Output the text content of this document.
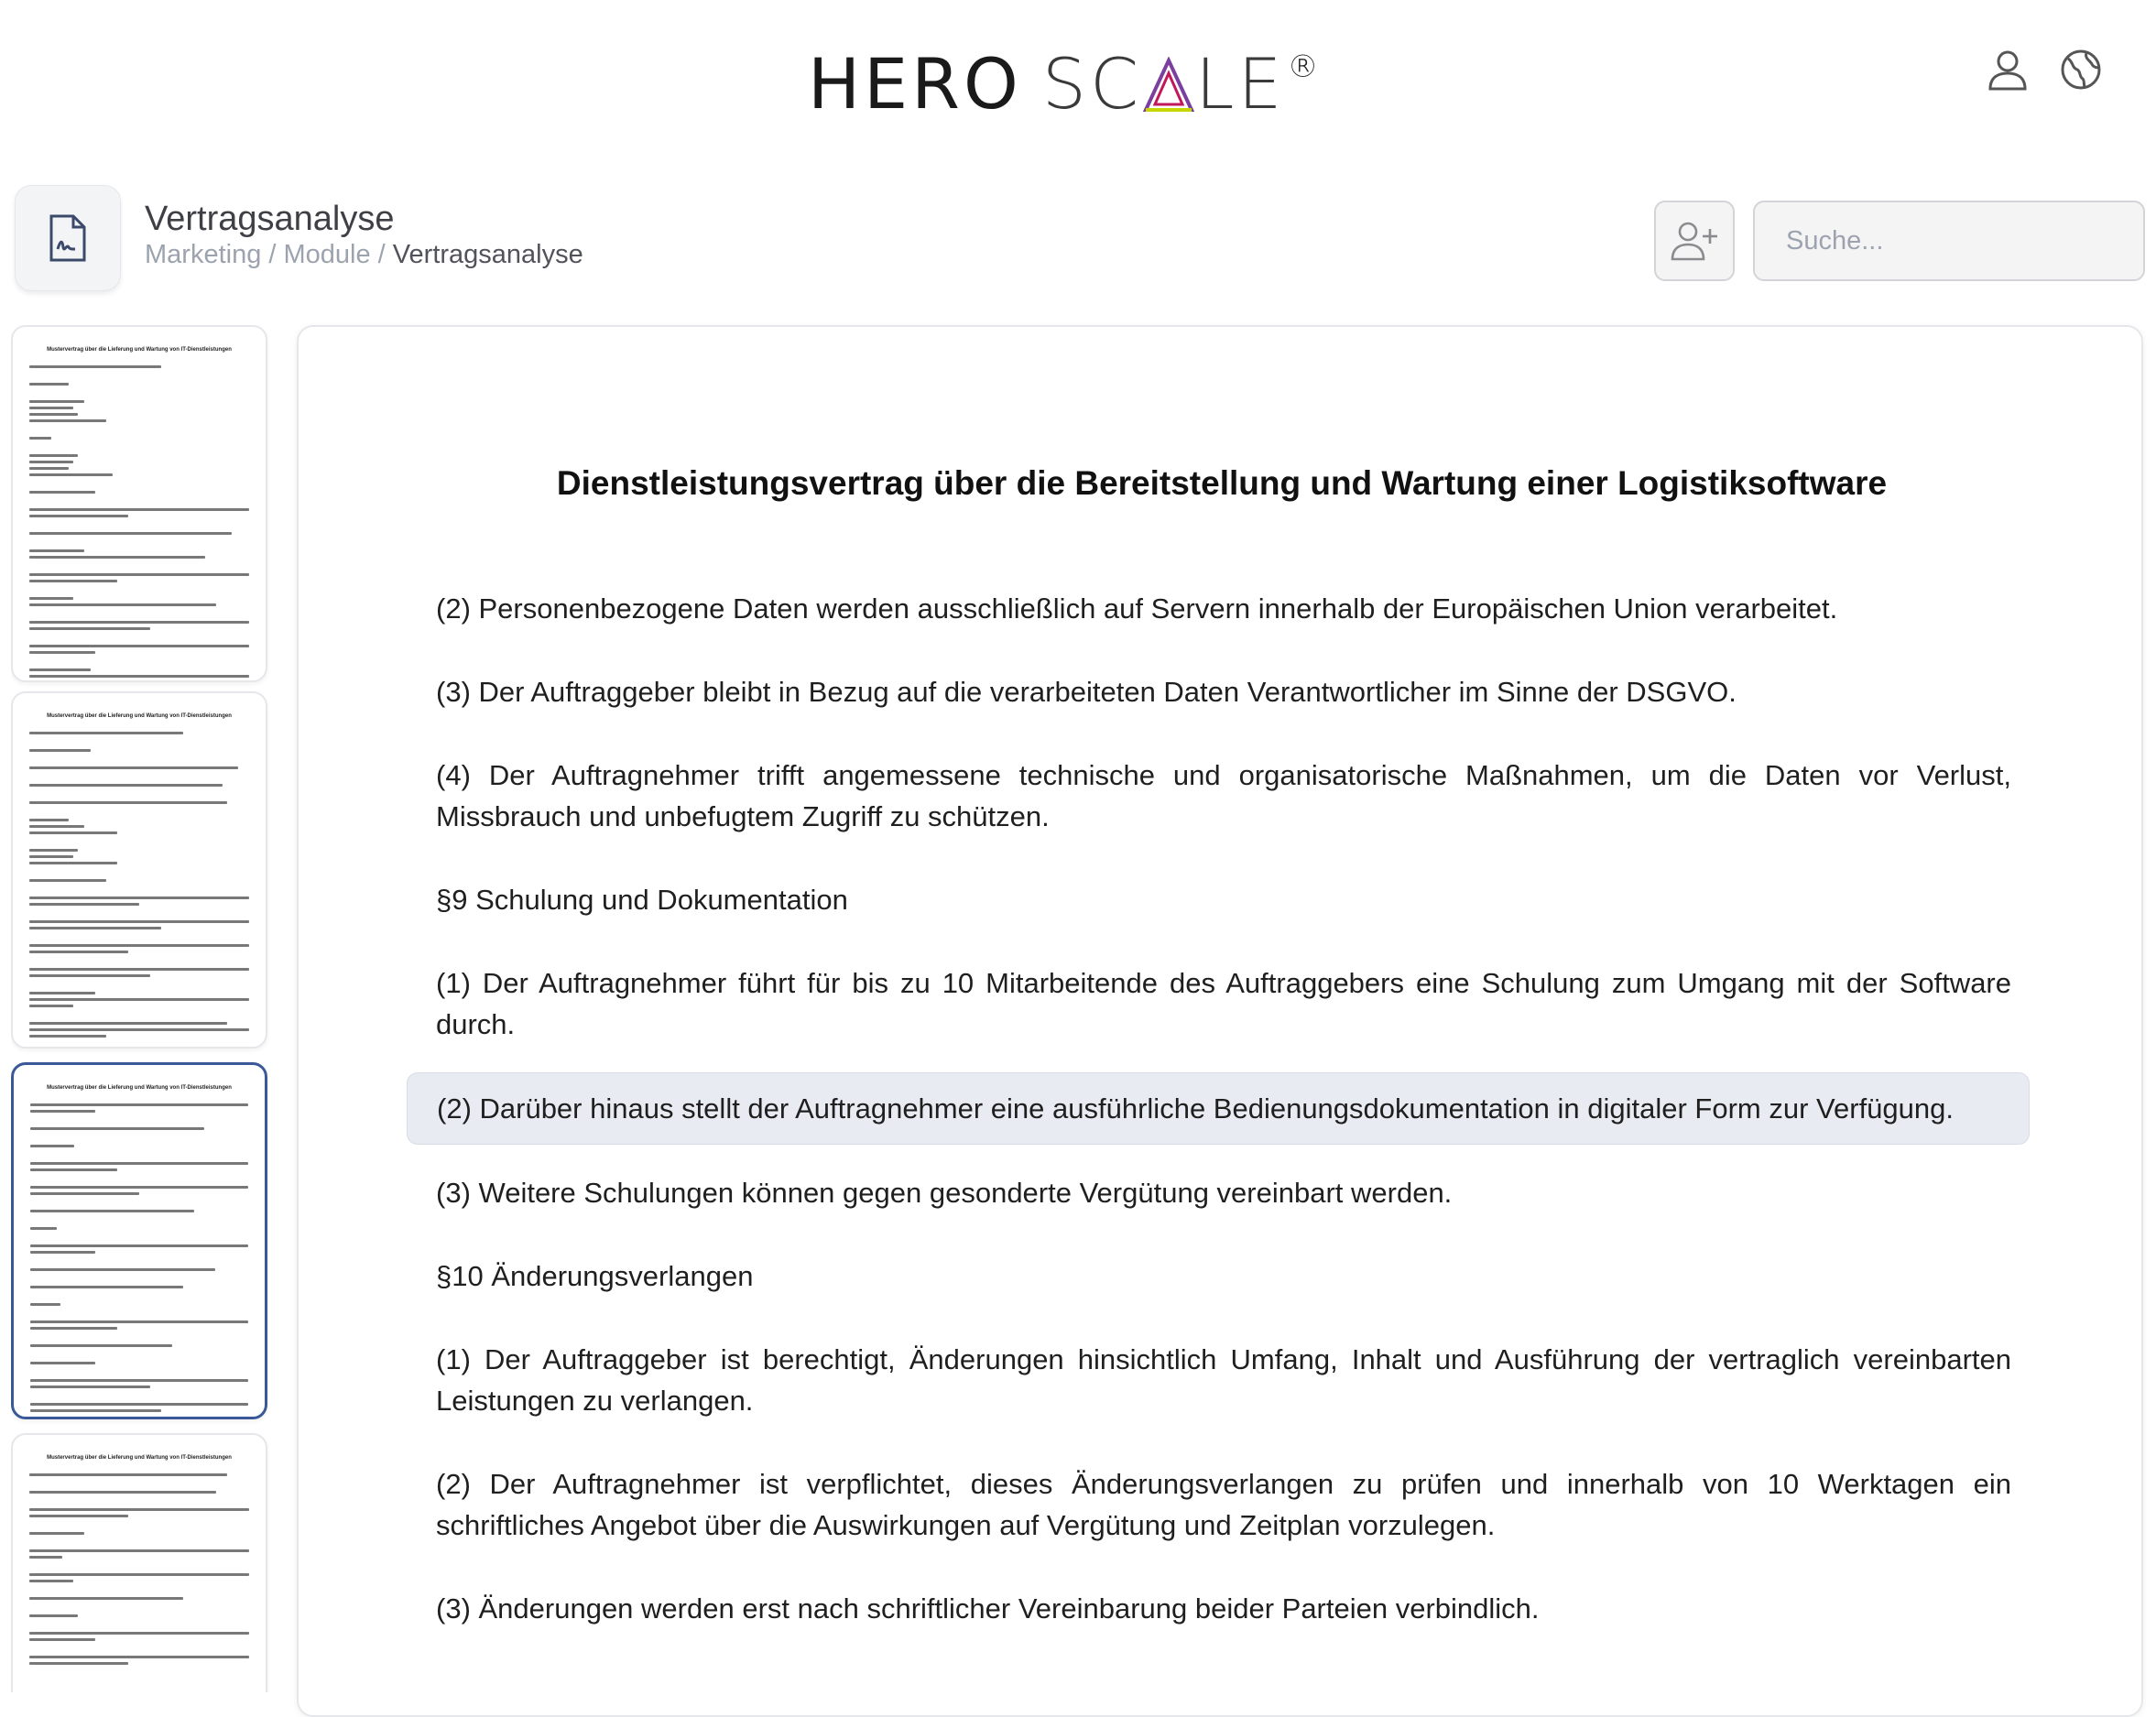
HERO SC LE®
Vertragsanalyse
Marketing / Module / Vertragsanalyse
Suche...
Mustervertrag über die Lieferung und Wartung von IT-Dienstleistungen
Mustervertrag über die Lieferung und Wartung von IT-Dienstleistungen
Mustervertrag über die Lieferung und Wartung von IT-Dienstleistungen
Mustervertrag über die Lieferung und Wartung von IT-Dienstleistungen
Dienstleistungsvertrag über die Bereitstellung und Wartung einer Logistiksoftware

(2) Personenbezogene Daten werden ausschließlich auf Servern innerhalb der Europäischen Union verarbeitet.

(3) Der Auftraggeber bleibt in Bezug auf die verarbeiteten Daten Verantwortlicher im Sinne der DSGVO.

(4) Der Auftragnehmer trifft angemessene technische und organisatorische Maßnahmen, um die Daten vor Verlust, Missbrauch und unbefugtem Zugriff zu schützen.

§9 Schulung und Dokumentation

(1) Der Auftragnehmer führt für bis zu 10 Mitarbeitende des Auftraggebers eine Schulung zum Umgang mit der Software durch.

(2) Darüber hinaus stellt der Auftragnehmer eine ausführliche Bedienungsdokumentation in digitaler Form zur Verfügung.

(3) Weitere Schulungen können gegen gesonderte Vergütung vereinbart werden.

§10 Änderungsverlangen

(1) Der Auftraggeber ist berechtigt, Änderungen hinsichtlich Umfang, Inhalt und Ausführung der vertraglich vereinbarten Leistungen zu verlangen.

(2) Der Auftragnehmer ist verpflichtet, dieses Änderungsverlangen zu prüfen und innerhalb von 10 Werktagen ein schriftliches Angebot über die Auswirkungen auf Vergütung und Zeitplan vorzulegen.

(3) Änderungen werden erst nach schriftlicher Vereinbarung beider Parteien verbindlich.
